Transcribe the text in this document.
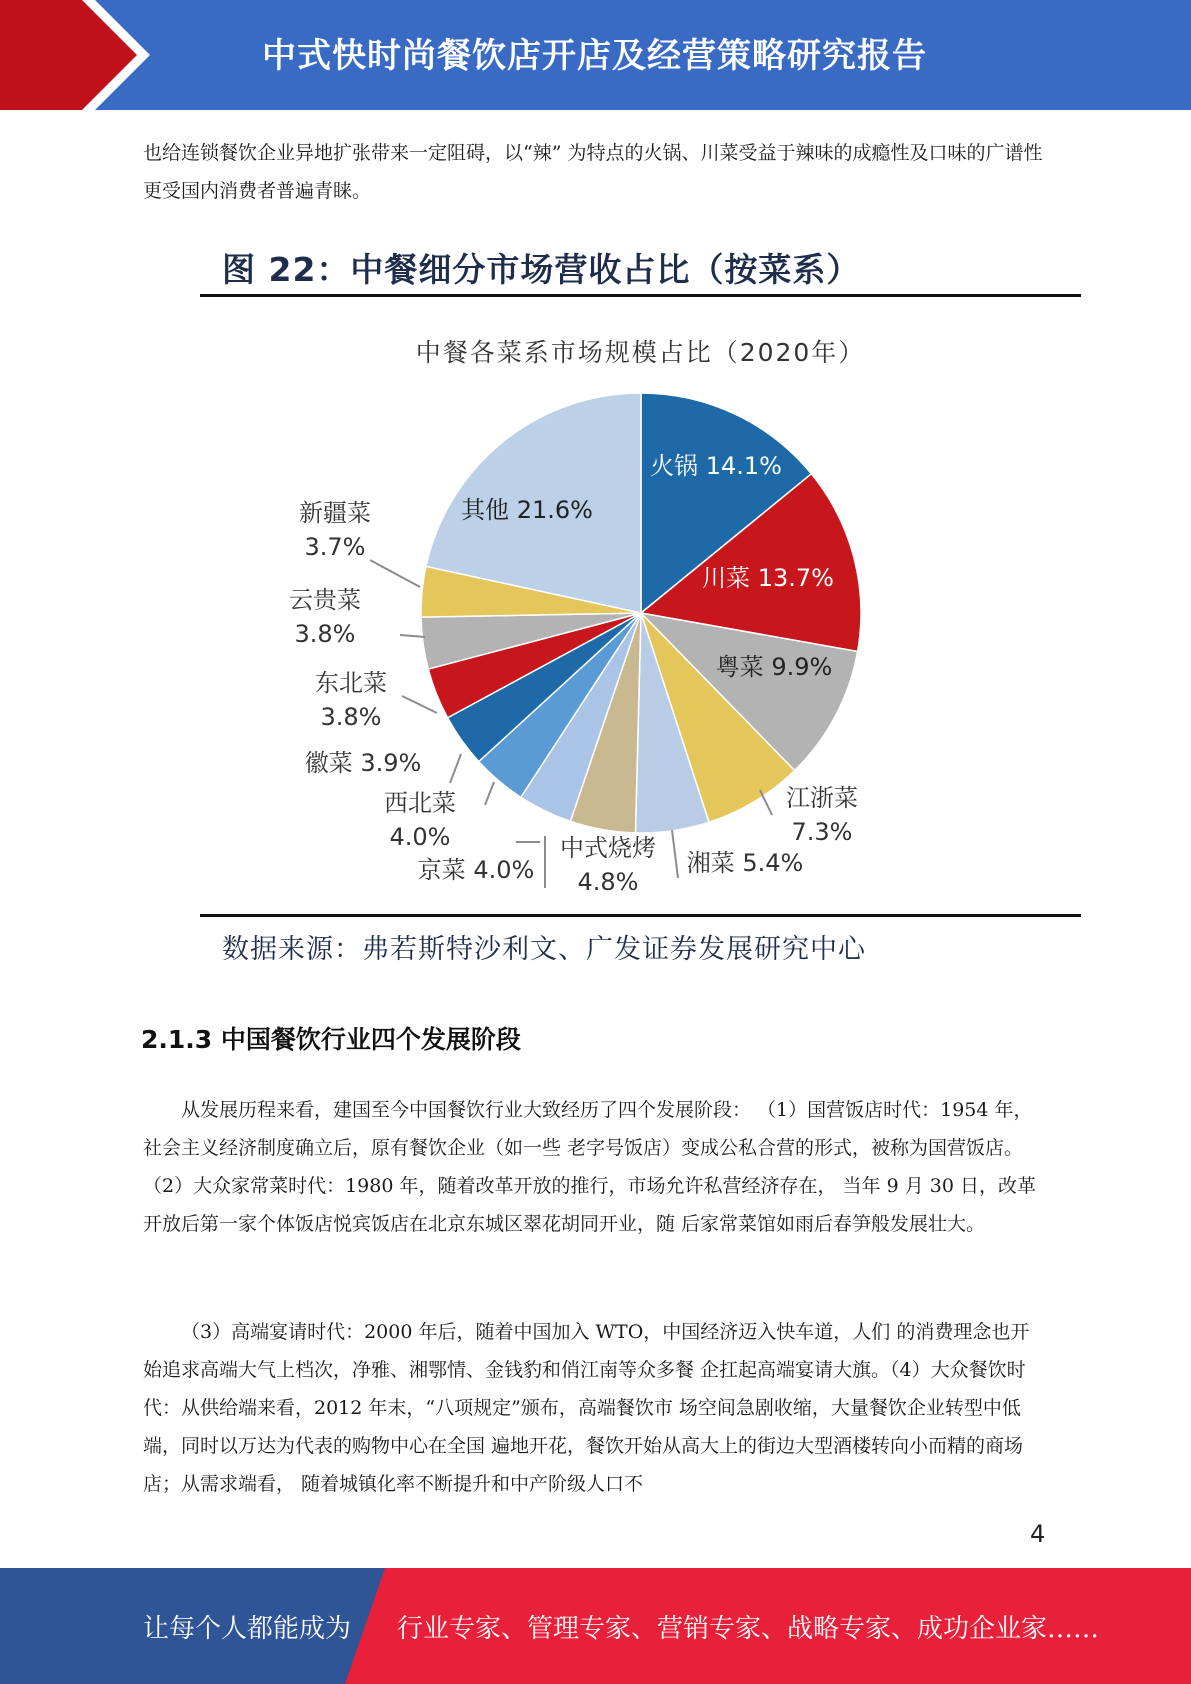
中式快时尚餐饮店开店及经营策略研究报告

也给连锁餐饮企业异地扩张带来一定阻碍，以“辣” 为特点的火锅、川菜受益于辣味的成瘾性及口味的广谱性更受国内消费者普遍青睐。

图 22：中餐细分市场营收占比（按菜系）
中餐各菜系市场规模占比（2020年）
火锅 14.1%
川菜 13.7%
粤菜 9.9%
江浙菜 7.3%
湘菜 5.4%
中式烧烤 4.8%
京菜 4.0%
西北菜 4.0%
徽菜 3.9%
东北菜 3.8%
云贵菜 3.8%
新疆菜 3.7%
其他 21.6%
数据来源：弗若斯特沙利文、广发证券发展研究中心
2.1.3 中国餐饮行业四个发展阶段

从发展历程来看，建国至今中国餐饮行业大致经历了四个发展阶段： （1）国营饭店时代：1954 年，社会主义经济制度确立后，原有餐饮企业（如一些 老字号饭店）变成公私合营的形式，被称为国营饭店。 （2）大众家常菜时代：1980 年，随着改革开放的推行，市场允许私营经济存在， 当年 9 月 30 日，改革开放后第一家个体饭店悦宾饭店在北京东城区翠花胡同开业，随 后家常菜馆如雨后春笋般发展壮大。

（3）高端宴请时代：2000 年后，随着中国加入 WTO，中国经济迈入快车道，人们 的消费理念也开始追求高端大气上档次，净雅、湘鄂情、金钱豹和俏江南等众多餐 企扛起高端宴请大旗。（4）大众餐饮时代：从供给端来看，2012 年末，“八项规定”颁布，高端餐饮市 场空间急剧收缩，大量餐饮企业转型中低端，同时以万达为代表的购物中心在全国 遍地开花，餐饮开始从高大上的街边大型酒楼转向小而精的商场店；从需求端看， 随着城镇化率不断提升和中产阶级人口不

4
让每个人都能成为 行业专家、管理专家、营销专家、战略专家、成功企业家……
